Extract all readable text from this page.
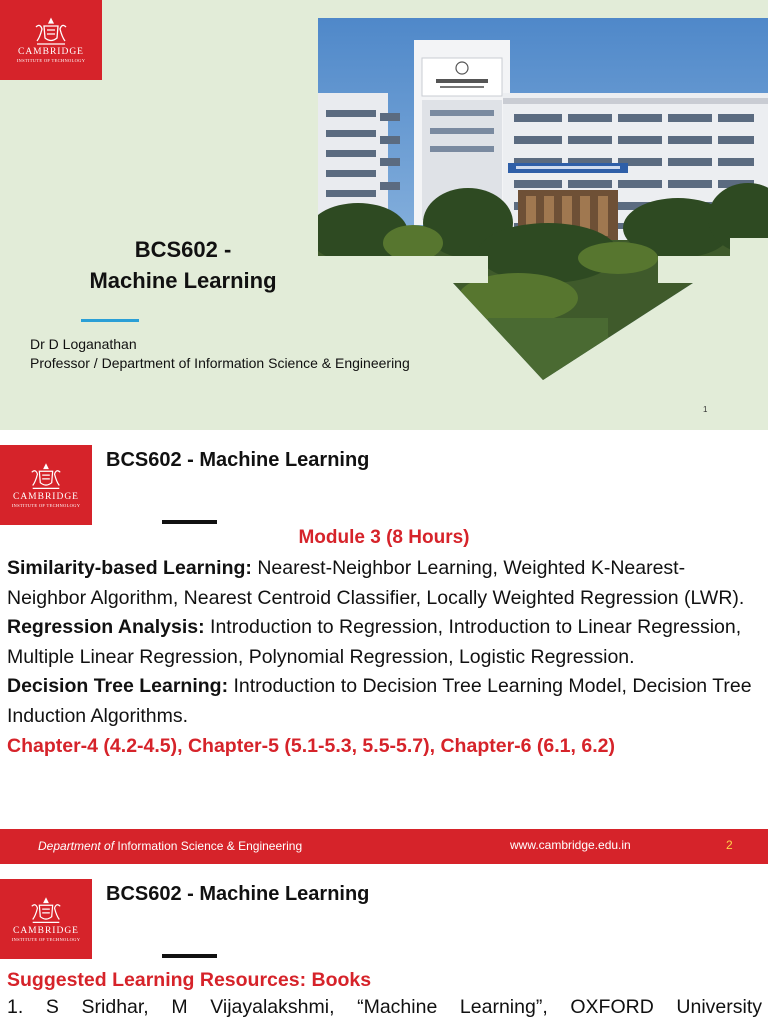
CAMBRIDGE
INSTITUTE OF TECHNOLOGY
BCS602 -
Machine Learning
Dr D Loganathan
Professor / Department of Information Science & Engineering
1
CAMBRIDGE
INSTITUTE OF TECHNOLOGY
BCS602 - Machine Learning
Module 3 (8 Hours)

Similarity-based Learning: Nearest-Neighbor Learning, Weighted K-Nearest-Neighbor Algorithm, Nearest Centroid Classifier, Locally Weighted Regression (LWR).

Regression Analysis: Introduction to Regression, Introduction to Linear Regression, Multiple Linear Regression, Polynomial Regression, Logistic Regression.

Decision Tree Learning: Introduction to Decision Tree Learning Model, Decision Tree Induction Algorithms.

Chapter-4 (4.2-4.5), Chapter-5 (5.1-5.3, 5.5-5.7), Chapter-6 (6.1, 6.2)

Department of Information Science & Engineering	www.cambridge.edu.in	2
CAMBRIDGE
INSTITUTE OF TECHNOLOGY
BCS602 - Machine Learning
Suggested Learning Resources: Books
1. S Sridhar, M Vijayalakshmi, “Machine Learning”, OXFORD University
